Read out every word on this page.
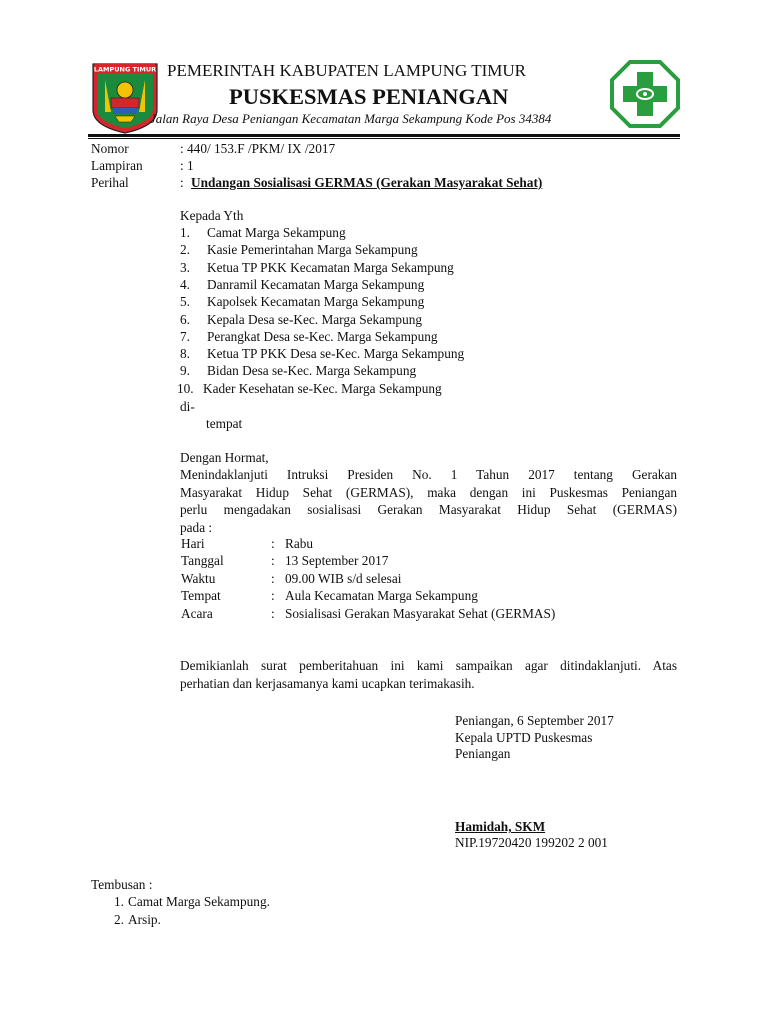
LAMPUNG TIMUR PEMERINTAH KABUPATEN LAMPUNG TIMUR
PUSKESMAS PENIANGAN
Jalan Raya Desa Peniangan Kecamatan Marga Sekampung Kode Pos 34384
Nomor	: 440/ 153.F /PKM/ IX /2017
Lampiran	: 1
Perihal	: Undangan Sosialisasi GERMAS (Gerakan Masyarakat Sehat)
Kepada Yth
1.	Camat Marga Sekampung
2.	Kasie Pemerintahan Marga Sekampung
3.	Ketua TP PKK Kecamatan Marga Sekampung
4.	Danramil Kecamatan Marga Sekampung
5.	Kapolsek Kecamatan Marga Sekampung
6.	Kepala Desa se-Kec. Marga Sekampung
7.	Perangkat Desa se-Kec. Marga Sekampung
8.	Ketua TP PKK Desa se-Kec. Marga Sekampung
9.	Bidan Desa se-Kec. Marga Sekampung
10. Kader Kesehatan se-Kec. Marga Sekampung
di-
tempat
Dengan Hormat,
Menindaklanjuti Intruksi Presiden No. 1 Tahun 2017 tentang Gerakan
Masyarakat Hidup Sehat (GERMAS), maka dengan ini Puskesmas Peniangan
perlu mengadakan sosialisasi Gerakan Masyarakat Hidup Sehat (GERMAS)
pada :
Hari	: Rabu
Tanggal	: 13 September 2017
Waktu	: 09.00 WIB s/d selesai
Tempat	: Aula Kecamatan Marga Sekampung
Acara	: Sosialisasi Gerakan Masyarakat Sehat (GERMAS)
Demikianlah surat pemberitahuan ini kami sampaikan agar ditindaklanjuti. Atas
perhatian dan kerjasamanya kami ucapkan terimakasih.
Peniangan, 6 September 2017
Kepala UPTD Puskesmas
Peniangan
Hamidah, SKM
NIP.19720420 199202 2 001
Tembusan :
1. Camat Marga Sekampung.
2. Arsip.
